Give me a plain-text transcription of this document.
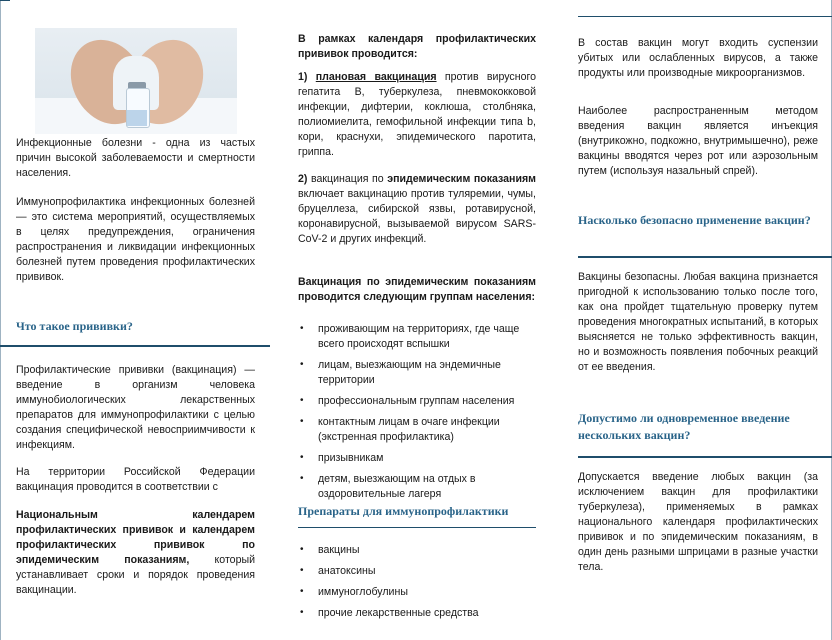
Инфекционные болезни - одна из частых причин высокой заболеваемости и смертности населения.

Иммунопрофилактика инфекционных болезней — это система мероприятий, осуществляемых в целях предупреждения, ограничения распространения и ликвидации инфекционных болезней путем проведения профилактических прививок.

Что такое прививки?

Профилактические прививки (вакцинация) — введение в организм человека иммунобиологических лекарственных препаратов для иммунопрофилактики с целью создания специфической невосприимчивости к инфекциям.

На территории Российской Федерации вакцинация проводится в соответствии с

Национальным календарем профилактических прививок и календарем профилактических прививок по эпидемическим показаниям, который устанавливает сроки и порядок проведения вакцинации.

В рамках календаря профилактических прививок проводится:

1) плановая вакцинация против вирусного гепатита В, туберкулеза, пневмококковой инфекции, дифтерии, коклюша, столбняка, полиомиелита, гемофильной инфекции типа b, кори, краснухи, эпидемического паротита, гриппа.

2) вакцинация по эпидемическим показаниям включает вакцинацию против туляремии, чумы, бруцеллеза, сибирской язвы, ротавирусной, коронавирусной, вызываемой вирусом SARS-CoV-2 и других инфекций.

Вакцинация по эпидемическим показаниям проводится следующим группам населения:

• проживающим на территориях, где чаще всего происходят вспышки
• лицам, выезжающим на эндемичные территории
• профессиональным группам населения
• контактным лицам в очаге инфекции (экстренная профилактика)
• призывникам
• детям, выезжающим на отдых в оздоровительные лагеря
Препараты для иммунопрофилактики
• вакцины
• анатоксины
• иммуноглобулины
• прочие лекарственные средства

В состав вакцин могут входить суспензии убитых или ослабленных вирусов, а также продукты или производные микроорганизмов.

Наиболее распространенным методом введения вакцин является инъекция (внутрикожно, подкожно, внутримышечно), реже вакцины вводятся через рот или аэрозольным путем (используя назальный спрей).

Насколько безопасно применение вакцин?

Вакцины безопасны. Любая вакцина признается пригодной к использованию только после того, как она пройдет тщательную проверку путем проведения многократных испытаний, в которых выясняется не только эффективность вакцин, но и возможность появления побочных реакций от ее введения.

Допустимо ли одновременное введение нескольких вакцин?

Допускается введение любых вакцин (за исключением вакцин для профилактики туберкулеза), применяемых в рамках национального календаря профилактических прививок и по эпидемическим показаниям, в один день разными шприцами в разные участки тела.
